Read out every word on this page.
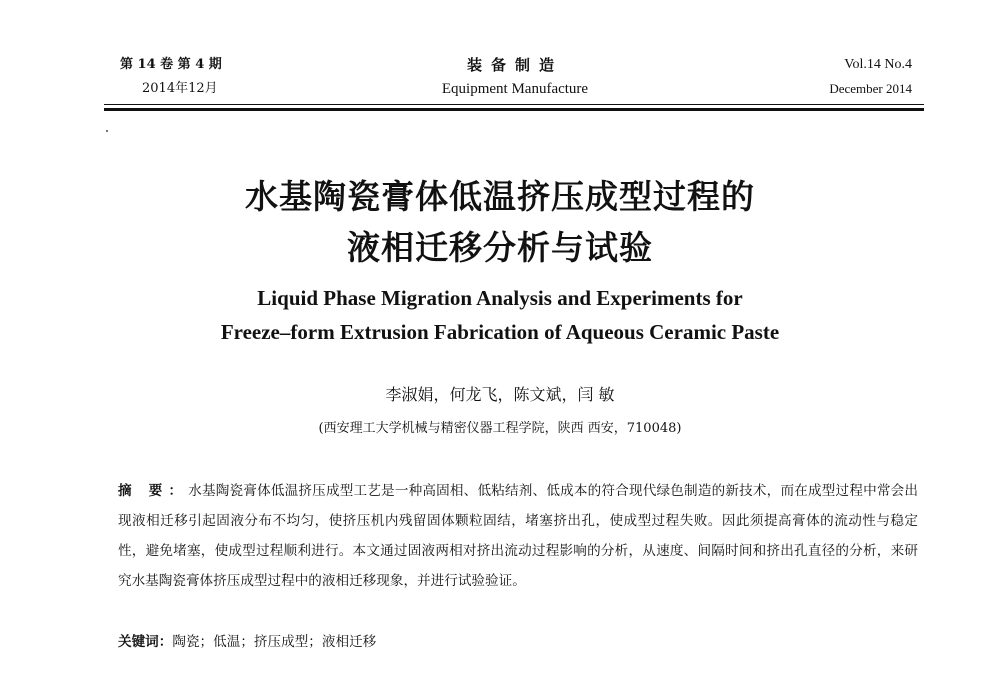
第 14 卷 第 4 期
2014年12月
装备制造
Equipment Manufacture
Vol.14 No.4
December 2014
水基陶瓷膏体低温挤压成型过程的
液相迁移分析与试验
Liquid Phase Migration Analysis and Experiments for
Freeze–form Extrusion Fabrication of Aqueous Ceramic Paste
李淑娟，何龙飞，陈文斌，闫 敏
(西安理工大学机械与精密仪器工程学院，陕西 西安，710048)
摘 要：水基陶瓷膏体低温挤压成型工艺是一种高固相、低粘结剂、低成本的符合现代绿色制造的新技术，而在成型过程中常会出现液相迁移引起固液分布不均匀，使挤压机内残留固体颗粒固结，堵塞挤出孔，使成型过程失败。因此须提高膏体的流动性与稳定性，避免堵塞，使成型过程顺利进行。本文通过固液两相对挤出流动过程影响的分析，从速度、间隔时间和挤出孔直径的分析，来研究水基陶瓷膏体挤压成型过程中的液相迁移现象，并进行试验验证。
关键词：陶瓷；低温；挤压成型；液相迁移
